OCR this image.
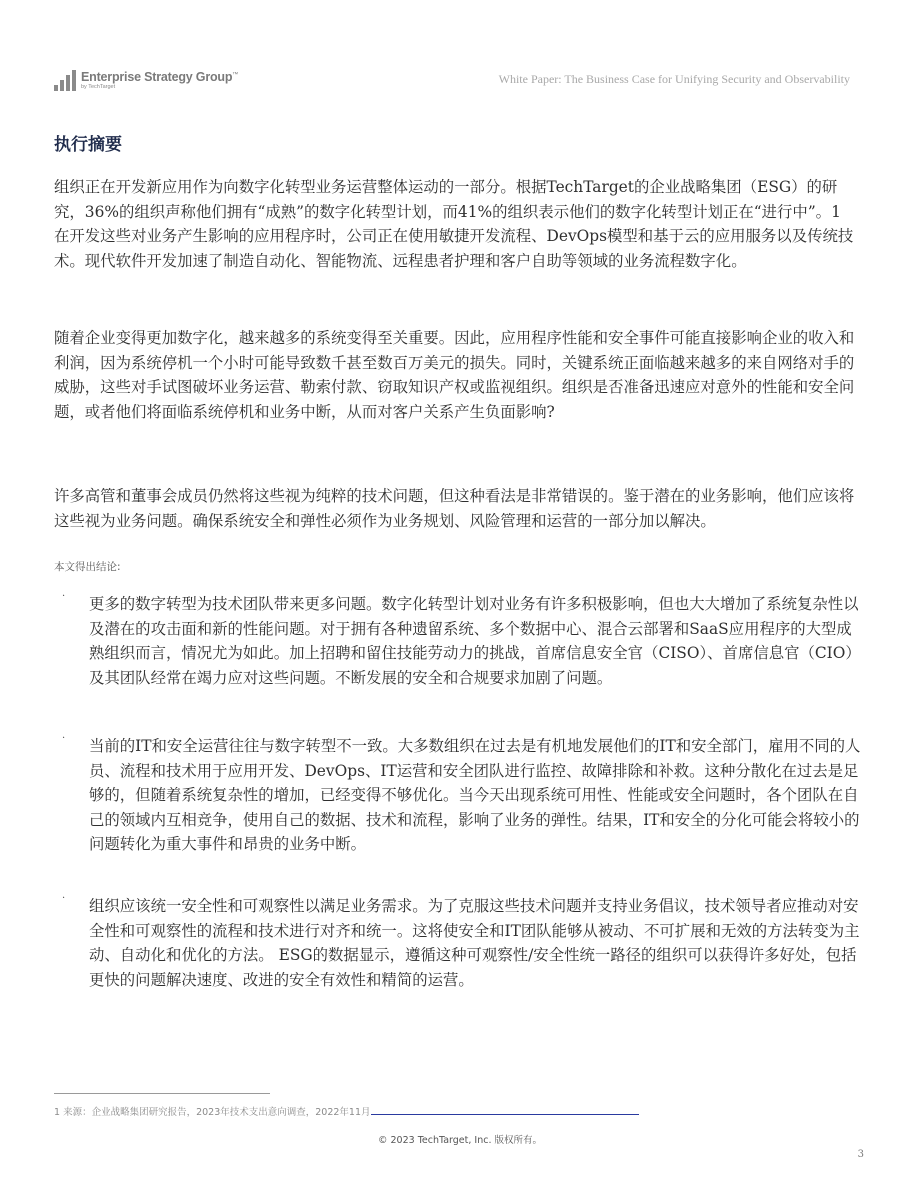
Enterprise Strategy Group™
by TechTarget
White Paper: The Business Case for Unifying Security and Observability
执行摘要

组织正在开发新应用作为向数字化转型业务运营整体运动的一部分。根据TechTarget的企业战略集团（ESG）的研究，36%的组织声称他们拥有“成熟”的数字化转型计划，而41%的组织表示他们的数字化转型计划正在“进行中”。1 在开发这些对业务产生影响的应用程序时，公司正在使用敏捷开发流程、DevOps模型和基于云的应用服务以及传统技术。现代软件开发加速了制造自动化、智能物流、远程患者护理和客户自助等领域的业务流程数字化。

随着企业变得更加数字化，越来越多的系统变得至关重要。因此，应用程序性能和安全事件可能直接影响企业的收入和利润，因为系统停机一个小时可能导致数千甚至数百万美元的损失。同时，关键系统正面临越来越多的来自网络对手的威胁，这些对手试图破坏业务运营、勒索付款、窃取知识产权或监视组织。组织是否准备迅速应对意外的性能和安全问题，或者他们将面临系统停机和业务中断，从而对客户关系产生负面影响?

许多高管和董事会成员仍然将这些视为纯粹的技术问题，但这种看法是非常错误的。鉴于潜在的业务影响，他们应该将这些视为业务问题。确保系统安全和弹性必须作为业务规划、风险管理和运营的一部分加以解决。

本文得出结论:

· 更多的数字转型为技术团队带来更多问题。数字化转型计划对业务有许多积极影响，但也大大增加了系统复杂性以及潜在的攻击面和新的性能问题。对于拥有各种遗留系统、多个数据中心、混合云部署和SaaS应用程序的大型成熟组织而言，情况尤为如此。加上招聘和留住技能劳动力的挑战，首席信息安全官（CISO）、首席信息官（CIO）及其团队经常在竭力应对这些问题。不断发展的安全和合规要求加剧了问题。

· 当前的IT和安全运营往往与数字转型不一致。大多数组织在过去是有机地发展他们的IT和安全部门，雇用不同的人员、流程和技术用于应用开发、DevOps、IT运营和安全团队进行监控、故障排除和补救。这种分散化在过去是足够的，但随着系统复杂性的增加，已经变得不够优化。当今天出现系统可用性、性能或安全问题时，各个团队在自己的领域内互相竞争，使用自己的数据、技术和流程，影响了业务的弹性。结果，IT和安全的分化可能会将较小的问题转化为重大事件和昂贵的业务中断。

· 组织应该统一安全性和可观察性以满足业务需求。为了克服这些技术问题并支持业务倡议，技术领导者应推动对安全性和可观察性的流程和技术进行对齐和统一。这将使安全和IT团队能够从被动、不可扩展和无效的方法转变为主动、自动化和优化的方法。 ESG的数据显示，遵循这种可观察性/安全性统一路径的组织可以获得许多好处，包括更快的问题解决速度、改进的安全有效性和精简的运营。

1 来源：企业战略集团研究报告，2023年技术支出意向调查，2022年11月
© 2023 TechTarget, Inc. 版权所有。
3
